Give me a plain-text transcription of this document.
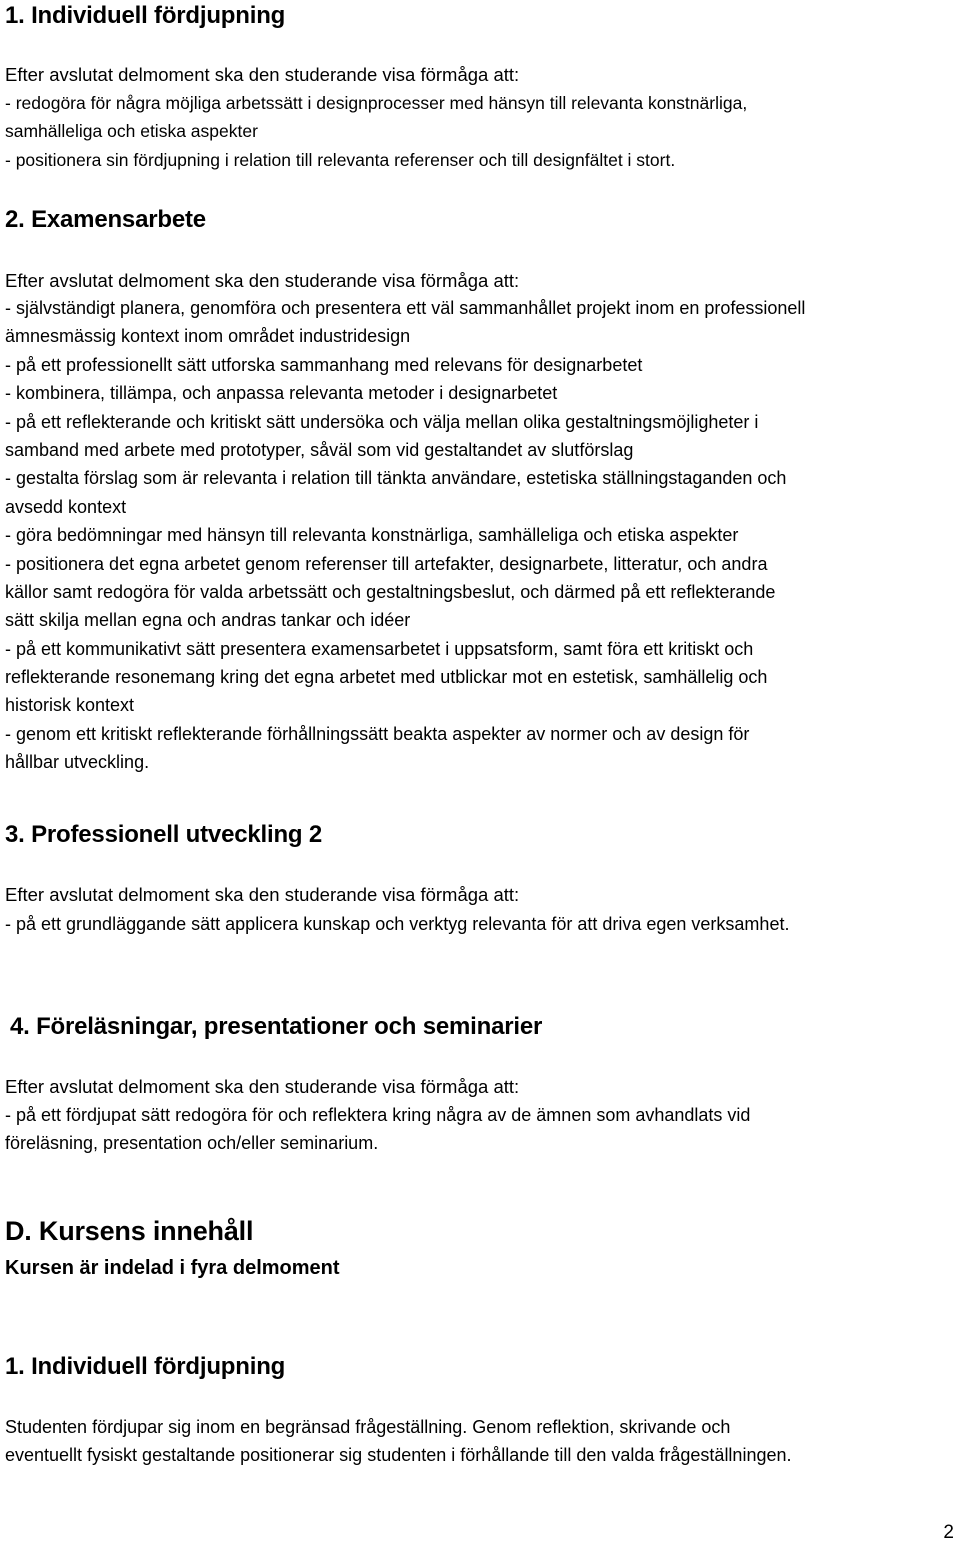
1. Individuell fördjupning
Efter avslutat delmoment ska den studerande visa förmåga att:
- redogöra för några möjliga arbetssätt i designprocesser med hänsyn till relevanta konstnärliga,
samhälleliga och etiska aspekter
- positionera sin fördjupning i relation till relevanta referenser och till designfältet i stort.
2. Examensarbete
Efter avslutat delmoment ska den studerande visa förmåga att:
- självständigt planera, genomföra och presentera ett väl sammanhållet projekt inom en professionell
ämnesmässig kontext inom området industridesign
- på ett professionellt sätt utforska sammanhang med relevans för designarbetet
- kombinera, tillämpa, och anpassa relevanta metoder i designarbetet
- på ett reflekterande och kritiskt sätt undersöka och välja mellan olika gestaltningsmöjligheter i
samband med arbete med prototyper, såväl som vid gestaltandet av slutförslag
- gestalta förslag som är relevanta i relation till tänkta användare, estetiska ställningstaganden och
avsedd kontext
- göra bedömningar med hänsyn till relevanta konstnärliga, samhälleliga och etiska aspekter
- positionera det egna arbetet genom referenser till artefakter, designarbete, litteratur, och andra
källor samt redogöra för valda arbetssätt och gestaltningsbeslut, och därmed på ett reflekterande
sätt skilja mellan egna och andras tankar och idéer
- på ett kommunikativt sätt presentera examensarbetet i uppsatsform, samt föra ett kritiskt och
reflekterande resonemang kring det egna arbetet med utblickar mot en estetisk, samhällelig och
historisk kontext
- genom ett kritiskt reflekterande förhållningssätt beakta aspekter av normer och av design för
hållbar utveckling.
3. Professionell utveckling 2
Efter avslutat delmoment ska den studerande visa förmåga att:
- på ett grundläggande sätt applicera kunskap och verktyg relevanta för att driva egen verksamhet.
4. Föreläsningar, presentationer och seminarier
Efter avslutat delmoment ska den studerande visa förmåga att:
- på ett fördjupat sätt redogöra för och reflektera kring några av de ämnen som avhandlats vid
föreläsning, presentation och/eller seminarium.
D. Kursens innehåll
Kursen är indelad i fyra delmoment
1. Individuell fördjupning
Studenten fördjupar sig inom en begränsad frågeställning. Genom reflektion, skrivande och
eventuellt fysiskt gestaltande positionerar sig studenten i förhållande till den valda frågeställningen.
2
